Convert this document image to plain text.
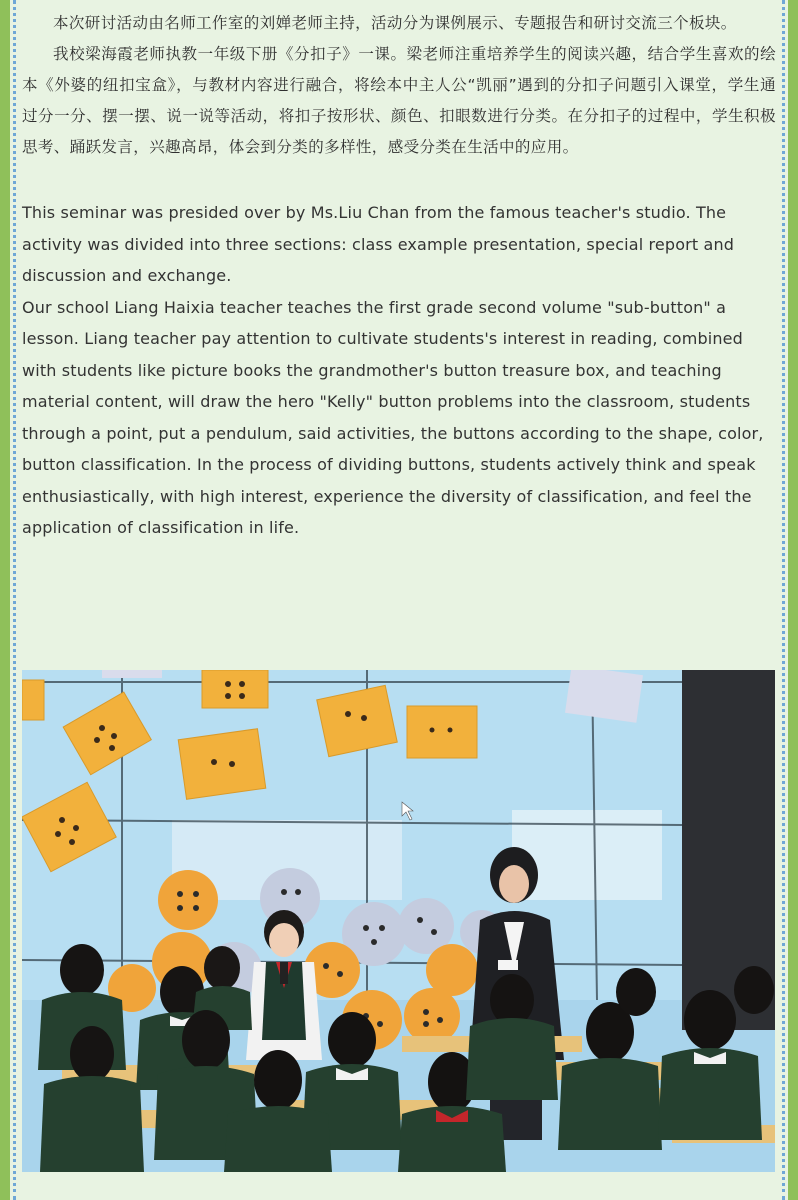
本次研讨活动由名师工作室的刘婵老师主持，活动分为课例展示、专题报告和研讨交流三个板块。

我校梁海霞老师执教一年级下册《分扣子》一课。梁老师注重培养学生的阅读兴趣，结合学生喜欢的绘本《外婆的纽扣宝盒》，与教材内容进行融合，将绘本中主人公“凯丽”遇到的分扣子问题引入课堂，学生通过分一分、摆一摆、说一说等活动，将扣子按形状、颜色、扣眼数进行分类。在分扣子的过程中，学生积极思考、踊跃发言，兴趣高昂，体会到分类的多样性，感受分类在生活中的应用。

This seminar was presided over by Ms.Liu Chan from the famous teacher's studio. The activity was divided into three sections: class example presentation, special report and discussion and exchange.

Our school Liang Haixia teacher teaches the first grade second volume "sub-button" a lesson. Liang teacher pay attention to cultivate students's interest in reading, combined with students like picture books the grandmother's button treasure box, and teaching material content, will draw the hero "Kelly" button problems into the classroom, students through a point, put a pendulum, said activities, the buttons according to the shape, color, button classification. In the process of dividing buttons, students actively think and speak enthusiastically, with high interest, experience the diversity of classification, and feel the application of classification in life.
